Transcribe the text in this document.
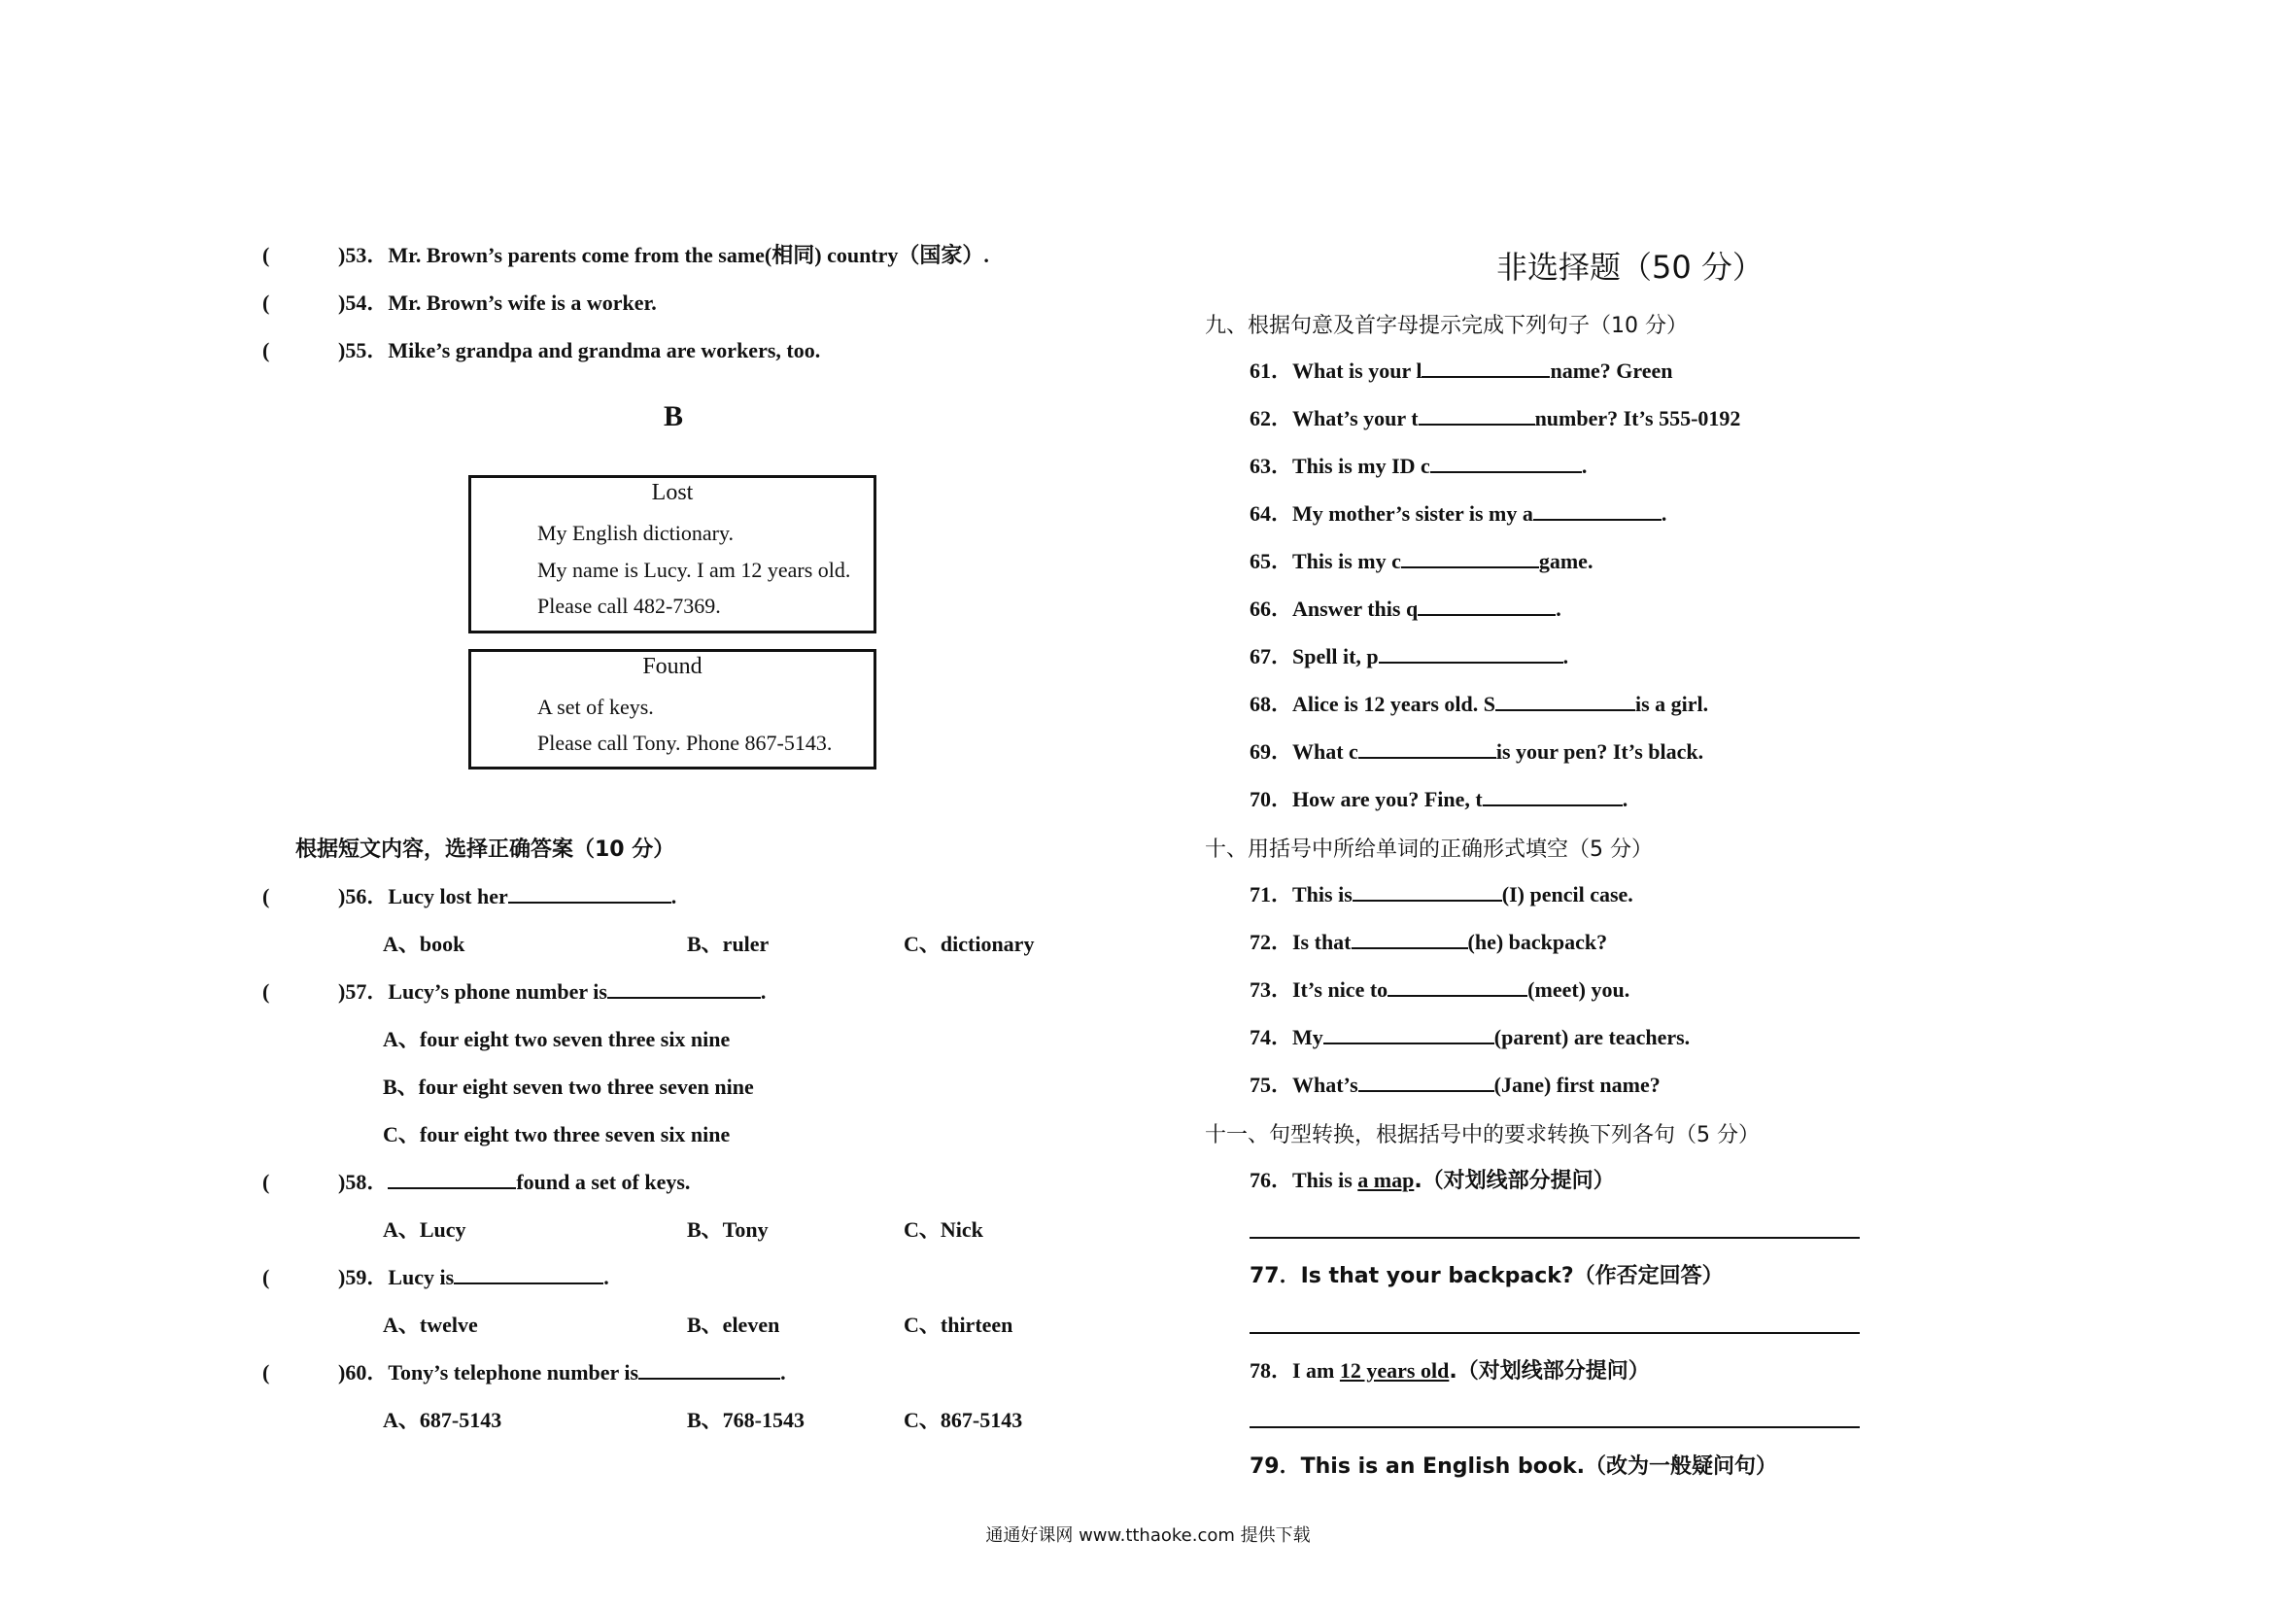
(	)53．Mr. Brown’s parents come from the same(相同) country（国家）.
(	)54．Mr. Brown’s wife is a worker.
(	)55．Mike’s grandpa and grandma are workers, too.
B
Lost
My English dictionary.
My name is Lucy. I am 12 years old.
Please call 482-7369.
Found
A set of keys.
Please call Tony. Phone 867-5143.
根据短文内容，选择正确答案（10 分）
(	)56．Lucy lost her	.
A、book	B、ruler	C、dictionary
(	)57．Lucy’s phone number is	.
A、four eight two seven three six nine
B、four eight seven two three seven nine
C、four eight two three seven six nine
(	)58．	found a set of keys.
A、Lucy	B、Tony	C、Nick
(	)59．Lucy is	.
A、twelve	B、eleven	C、thirteen
(	)60．Tony’s telephone number is	.
A、687-5143	B、768-1543	C、867-5143
非选择题（50 分）
九、根据句意及首字母提示完成下列句子（10 分）
61．What is your l	name? Green
62．What’s your t	number? It’s 555-0192
63．This is my ID c	.
64．My mother’s sister is my a	.
65．This is my c	game.
66．Answer this q	.
67．Spell it, p	.
68．Alice is 12 years old. S	is a girl.
69．What c	is your pen? It’s black.
70．How are you? Fine, t	.
十、用括号中所给单词的正确形式填空（5 分）
71．This is	(I) pencil case.
72．Is that	(he) backpack?
73．It’s nice to	(meet) you.
74．My	(parent) are teachers.
75．What’s	(Jane) first name?
十一、句型转换，根据括号中的要求转换下列各句（5 分）
76．This is a map.（对划线部分提问）
77．Is that your backpack?（作否定回答）
78．I am 12 years old.（对划线部分提问）
79．This is an English book.（改为一般疑问句）
通通好课网 www.tthaoke.com 提供下载
